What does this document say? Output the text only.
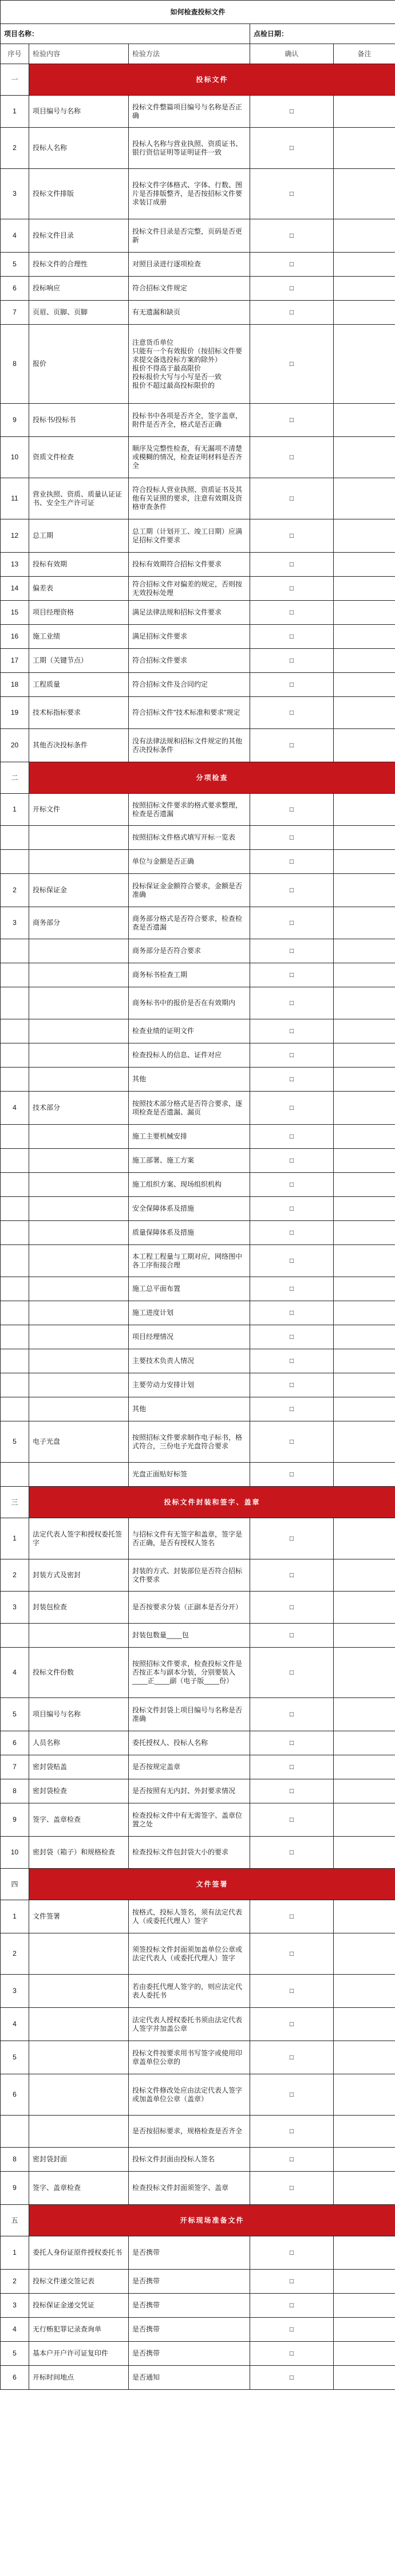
如何检查投标文件				
项目名称：			点检日期：	
序号	检验内容	检验方法	确认	备注
一	投标文件			
1	项目编号与名称	投标文件整篇项目编号与名称是否正确	□	
2	投标人名称	投标人名称与营业执照、资质证书、银行资信证明等证明证件一致	□	
3	投标文件排版	投标文件字体格式、字体、行数、图片是否排版整齐，是否按招标文件要求装订成册	□	
4	投标文件目录	投标文件目录是否完整，页码是否更新	□	
5	投标文件的合理性	对照目录进行逐项检查	□	
6	投标响应	符合招标文件规定	□	
7	页眉、页脚、页脚	有无遗漏和缺页	□	
8	报价	注意货币单位
只能有一个有效报价（按招标文件要求提交备选投标方案的除外）
报价不得高于最高限价
投标报价大写与小写是否一致
报价不超过最高投标限价的	□	
9	投标书/投标书	投标书中各项是否齐全，签字盖章，附件是否齐全，格式是否正确	□	
10	资质文件检查	顺序及完整性检查，有无漏项不清楚或模糊的情况，检查证明材料是否齐全	□	
11	营业执照、资质、质量认证证书、安全生产许可证	符合投标人营业执照、资质证书及其他有关证照的要求，注意有效期及资格审查条件	□	
12	总工期	总工期（计划开工、竣工日期）应满足招标文件要求	□	
13	投标有效期	投标有效期符合招标文件要求	□	
14	偏差表	符合招标文件对偏差的规定，否则按无效投标处理	□	
15	项目经理资格	满足法律法规和招标文件要求	□	
16	施工业绩	满足招标文件要求	□	
17	工期（关键节点）	符合招标文件要求	□	
18	工程质量	符合招标文件及合同约定	□	
19	技术标指标要求	符合招标文件"技术标准和要求"规定	□	
20	其他否决投标条件	没有法律法规和招标文件规定的其他否决投标条件	□	
二	分项检查			
1	开标文件	按照招标文件要求的格式要求整理，检查是否遗漏	□	
		按照招标文件格式填写开标一览表	□	
		单位与金额是否正确	□	
2	投标保证金	投标保证金金额符合要求，金额是否准确	□	
3	商务部分	商务部分格式是否符合要求，检查检查是否遗漏	□	
		商务部分是否符合要求	□	
		商务标书检查工期	□	
		商务标书中的报价是否在有效期内	□	
		检查业绩的证明文件	□	
		检查投标人的信息、证件对应	□	
		其他	□	
4	技术部分	按照技术部分格式是否符合要求，逐项检查是否遗漏、漏页	□	
		施工主要机械安排	□	
		施工部署、施工方案	□	
		施工组织方案、现场组织机构	□	
		安全保障体系及措施	□	
		质量保障体系及措施	□	
		本工程工程量与工期对应，网络图中各工序衔接合理	□	
		施工总平面布置	□	
		施工进度计划	□	
		项目经理情况	□	
		主要技术负责人情况	□	
		主要劳动力安排计划	□	
		其他	□	
5	电子光盘	按照招标文件要求制作电子标书，格式符合，三份电子光盘符合要求	□	
		光盘正面贴好标签	□	
三	投标文件封装和签字、盖章			
1	法定代表人签字和授权委托签字	与招标文件有无签字和盖章，签字是否正确，是否有授权人签名	□	
2	封装方式及密封	封装的方式、封装部位是否符合招标文件要求	□	
3	封装包检查	是否按要求分装（正副本是否分开）	□	
		封装包数量____包	□	
4	投标文件份数	按照招标文件要求，检查投标文件是否按正本与副本分装，分别要装入____正____副（电子版____份）	□	
5	项目编号与名称	投标文件封袋上项目编号与名称是否准确	□	
6	人员名称	委托授权人、投标人名称	□	
7	密封袋贴盖	是否按规定盖章	□	
8	密封袋检查	是否按照有无内封、外封要求情况	□	
9	签字、盖章检查	检查投标文件中有无需签字、盖章位置之处	□	
10	密封袋（箱子）和规格检查	检查投标文件包封袋大小的要求	□	
四	文件签署			
1	文件签署	按格式，投标人签名，须有法定代表人（或委托代理人）签字	□	
2		须签投标文件封面须加盖单位公章或法定代表人（或委托代理人）签字	□	
3		若由委托代理人签字的，则应法定代表人委托书	□	
4		法定代表人授权委托书须由法定代表人签字并加盖公章	□	
5		投标文件按要求用书写签字或使用印章盖单位公章的	□	
6		投标文件修改处应由法定代表人签字或加盖单位公章（盖章）	□	
		是否按招标要求，规格检查是否齐全	□	
8	密封袋封面	投标文件封面由投标人签名	□	
9	签字、盖章检查	检查投标文件封面须签字、盖章	□	
五	开标现场准备文件			
1	委托人身份证原件授权委托书	是否携带	□	
2	投标文件递交签记表	是否携带	□	
3	投标保证金递交凭证	是否携带	□	
4	无行贿犯罪记录查询单	是否携带	□	
5	基本户开户许可证复印件	是否携带	□	
6	开标时间地点	是否通知	□	
